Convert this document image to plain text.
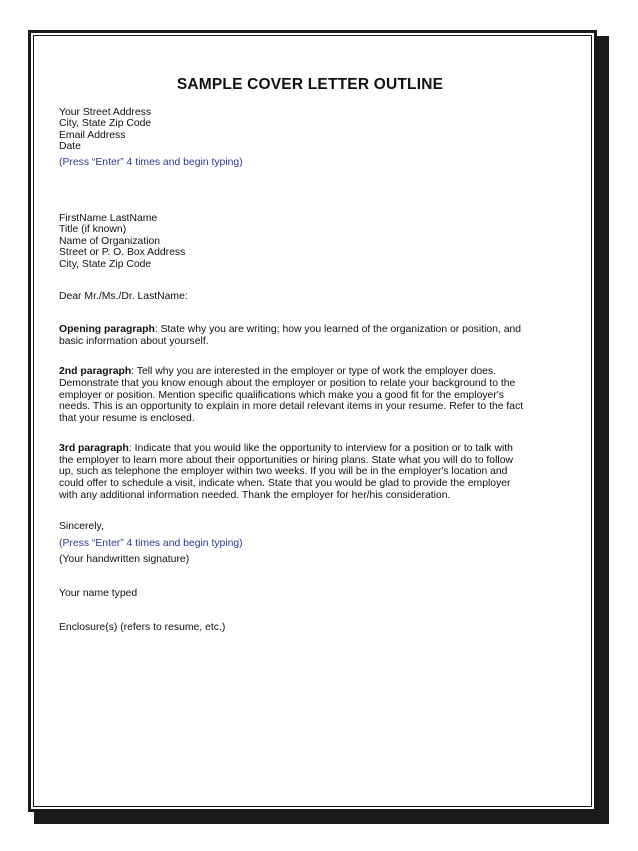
SAMPLE COVER LETTER OUTLINE
Your Street Address
City, State Zip Code
Email Address
Date
(Press “Enter” 4 times and begin typing)
FirstName LastName
Title (if known)
Name of Organization
Street or P. O. Box Address
City, State Zip Code
Dear Mr./Ms./Dr. LastName:
Opening paragraph: State why you are writing; how you learned of the organization or position, and
basic information about yourself.
2nd paragraph: Tell why you are interested in the employer or type of work the employer does.
Demonstrate that you know enough about the employer or position to relate your background to the
employer or position. Mention specific qualifications which make you a good fit for the employer's
needs. This is an opportunity to explain in more detail relevant items in your resume. Refer to the fact
that your resume is enclosed.
3rd paragraph: Indicate that you would like the opportunity to interview for a position or to talk with
the employer to learn more about their opportunities or hiring plans. State what you will do to follow
up, such as telephone the employer within two weeks. If you will be in the employer's location and
could offer to schedule a visit, indicate when. State that you would be glad to provide the employer
with any additional information needed. Thank the employer for her/his consideration.
Sincerely,
(Press “Enter” 4 times and begin typing)
(Your handwritten signature)
Your name typed
Enclosure(s) (refers to resume, etc.)
